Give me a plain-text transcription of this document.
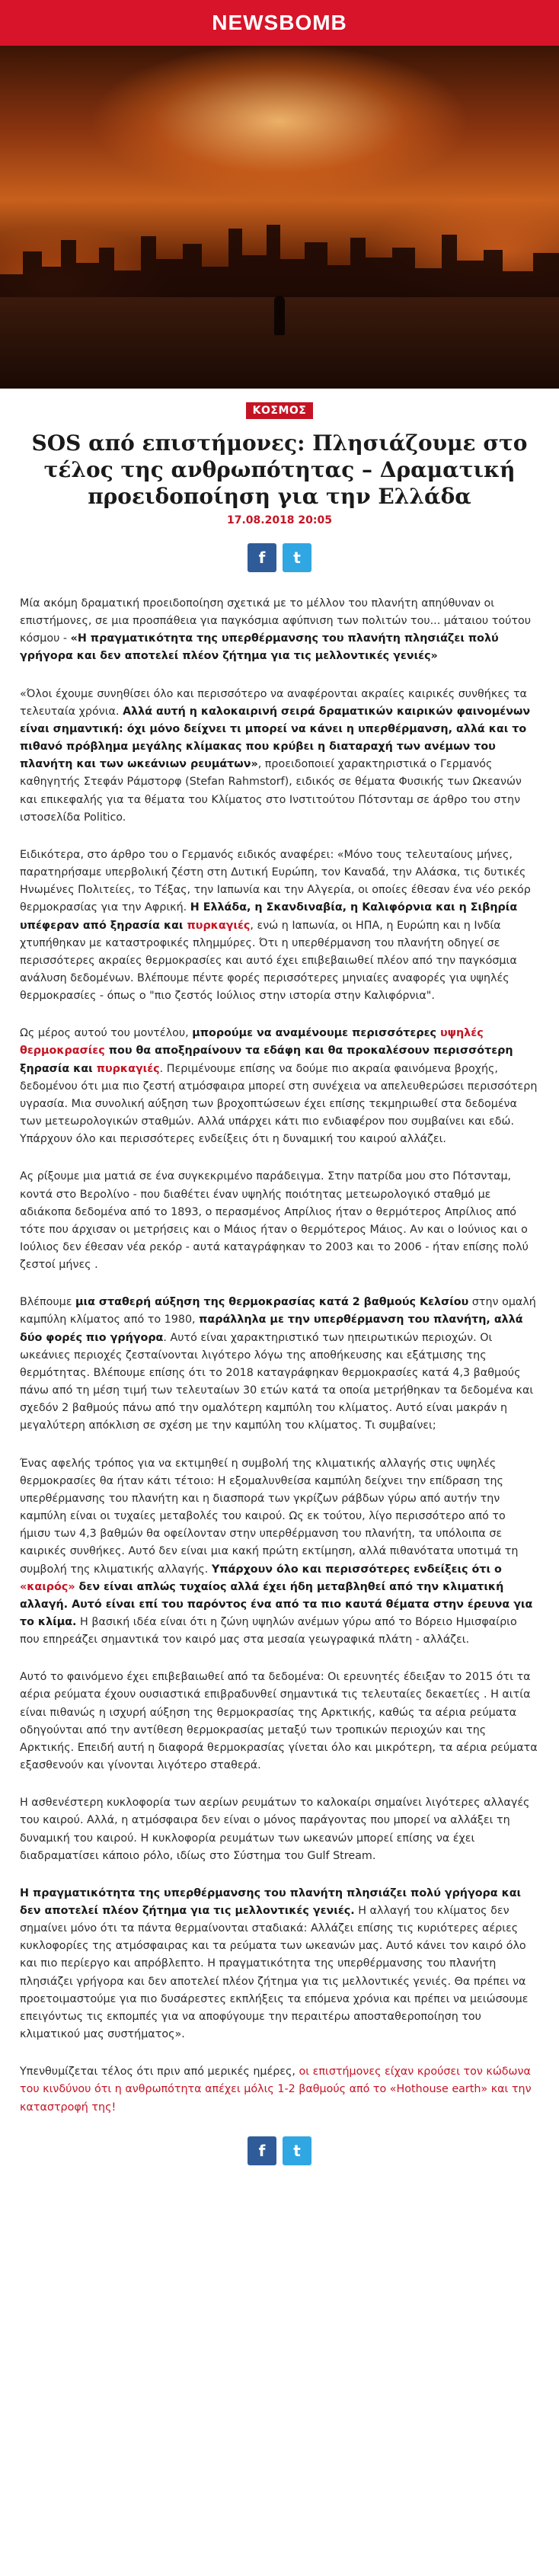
NEWSBOMB
ΚΟΣΜΟΣ
SOS από επιστήμονες: Πλησιάζουμε στο τέλος της ανθρωπότητας – Δραματική προειδοποίηση για την Ελλάδα
17.08.2018 20:05
f t

Μία ακόμη δραματική προειδοποίηση σχετικά με το μέλλον του πλανήτη απηύθυναν οι επιστήμονες, σε μια προσπάθεια για παγκόσμια αφύπνιση των πολιτών του... μάταιου τούτου κόσμου - «Η πραγματικότητα της υπερθέρμανσης του πλανήτη πλησιάζει πολύ γρήγορα και δεν αποτελεί πλέον ζήτημα για τις μελλοντικές γενιές»

«Όλοι έχουμε συνηθίσει όλο και περισσότερο να αναφέρονται ακραίες καιρικές συνθήκες τα τελευταία χρόνια. Αλλά αυτή η καλοκαιρινή σειρά δραματικών καιρικών φαινομένων είναι σημαντική: όχι μόνο δείχνει τι μπορεί να κάνει η υπερθέρμανση, αλλά και το πιθανό πρόβλημα μεγάλης κλίμακας που κρύβει η διαταραχή των ανέμων του πλανήτη και των ωκεάνιων ρευμάτων», προειδοποιεί χαρακτηριστικά ο Γερμανός καθηγητής Στεφάν Ράμστορφ (Stefan Rahmstorf), ειδικός σε θέματα Φυσικής των Ωκεανών και επικεφαλής για τα θέματα του Κλίματος στο Ινστιτούτου Πότσνταμ σε άρθρο του στην ιστοσελίδα Politico.

Ειδικότερα, στο άρθρο του ο Γερμανός ειδικός αναφέρει: «Μόνο τους τελευταίους μήνες, παρατηρήσαμε υπερβολική ζέστη στη Δυτική Ευρώπη, τον Καναδά, την Αλάσκα, τις δυτικές Ηνωμένες Πολιτείες, το Τέξας, την Ιαπωνία και την Αλγερία, οι οποίες έθεσαν ένα νέο ρεκόρ θερμοκρασίας για την Αφρική. Η Ελλάδα, η Σκανδιναβία, η Καλιφόρνια και η Σιβηρία υπέφεραν από ξηρασία και πυρκαγιές, ενώ η Ιαπωνία, οι ΗΠΑ, η Ευρώπη και η Ινδία χτυπήθηκαν με καταστροφικές πλημμύρες. Ότι η υπερθέρμανση του πλανήτη οδηγεί σε περισσότερες ακραίες θερμοκρασίες και αυτό έχει επιβεβαιωθεί πλέον από την παγκόσμια ανάλυση δεδομένων. Βλέπουμε πέντε φορές περισσότερες μηνιαίες αναφορές για υψηλές θερμοκρασίες - όπως ο "πιο ζεστός Ιούλιος στην ιστορία στην Καλιφόρνια".

Ως μέρος αυτού του μοντέλου, μπορούμε να αναμένουμε περισσότερες υψηλές θερμοκρασίες που θα αποξηραίνουν τα εδάφη και θα προκαλέσουν περισσότερη ξηρασία και πυρκαγιές. Περιμένουμε επίσης να δούμε πιο ακραία φαινόμενα βροχής, δεδομένου ότι μια πιο ζεστή ατμόσφαιρα μπορεί στη συνέχεια να απελευθερώσει περισσότερη υγρασία. Μια συνολική αύξηση των βροχοπτώσεων έχει επίσης τεκμηριωθεί στα δεδομένα των μετεωρολογικών σταθμών. Αλλά υπάρχει κάτι πιο ενδιαφέρον που συμβαίνει και εδώ. Υπάρχουν όλο και περισσότερες ενδείξεις ότι η δυναμική του καιρού αλλάζει.

Ας ρίξουμε μια ματιά σε ένα συγκεκριμένο παράδειγμα. Στην πατρίδα μου στο Πότσνταμ, κοντά στο Βερολίνο - που διαθέτει έναν υψηλής ποιότητας μετεωρολογικό σταθμό με αδιάκοπα δεδομένα από το 1893, ο περασμένος Απρίλιος ήταν ο θερμότερος Απρίλιος από τότε που άρχισαν οι μετρήσεις και ο Μάιος ήταν ο θερμότερος Μάιος. Αν και ο Ιούνιος και ο Ιούλιος δεν έθεσαν νέα ρεκόρ - αυτά καταγράφηκαν το 2003 και το 2006 - ήταν επίσης πολύ ζεστοί μήνες .

Βλέπουμε μια σταθερή αύξηση της θερμοκρασίας κατά 2 βαθμούς Κελσίου στην ομαλή καμπύλη κλίματος από το 1980, παράλληλα με την υπερθέρμανση του πλανήτη, αλλά δύο φορές πιο γρήγορα. Αυτό είναι χαρακτηριστικό των ηπειρωτικών περιοχών. Οι ωκεάνιες περιοχές ζεσταίνονται λιγότερο λόγω της αποθήκευσης και εξάτμισης της θερμότητας. Βλέπουμε επίσης ότι το 2018 καταγράφηκαν θερμοκρασίες κατά 4,3 βαθμούς πάνω από τη μέση τιμή των τελευταίων 30 ετών κατά τα οποία μετρήθηκαν τα δεδομένα και σχεδόν 2 βαθμούς πάνω από την ομαλότερη καμπύλη του κλίματος. Αυτό είναι μακράν η μεγαλύτερη απόκλιση σε σχέση με την καμπύλη του κλίματος. Τι συμβαίνει;

Ένας αφελής τρόπος για να εκτιμηθεί η συμβολή της κλιματικής αλλαγής στις υψηλές θερμοκρασίες θα ήταν κάτι τέτοιο: Η εξομαλυνθείσα καμπύλη δείχνει την επίδραση της υπερθέρμανσης του πλανήτη και η διασπορά των γκρίζων ράβδων γύρω από αυτήν την καμπύλη είναι οι τυχαίες μεταβολές του καιρού. Ως εκ τούτου, λίγο περισσότερο από το ήμισυ των 4,3 βαθμών θα οφείλονταν στην υπερθέρμανση του πλανήτη, τα υπόλοιπα σε καιρικές συνθήκες. Αυτό δεν είναι μια κακή πρώτη εκτίμηση, αλλά πιθανότατα υποτιμά τη συμβολή της κλιματικής αλλαγής. Υπάρχουν όλο και περισσότερες ενδείξεις ότι ο «καιρός» δεν είναι απλώς τυχαίος αλλά έχει ήδη μεταβληθεί από την κλιματική αλλαγή. Αυτό είναι επί του παρόντος ένα από τα πιο καυτά θέματα στην έρευνα για το κλίμα. Η βασική ιδέα είναι ότι η ζώνη υψηλών ανέμων γύρω από το Βόρειο Ημισφαίριο που επηρεάζει σημαντικά τον καιρό μας στα μεσαία γεωγραφικά πλάτη - αλλάζει.

Αυτό το φαινόμενο έχει επιβεβαιωθεί από τα δεδομένα: Οι ερευνητές έδειξαν το 2015 ότι τα αέρια ρεύματα έχουν ουσιαστικά επιβραδυνθεί σημαντικά τις τελευταίες δεκαετίες . Η αιτία είναι πιθανώς η ισχυρή αύξηση της θερμοκρασίας της Αρκτικής, καθώς τα αέρια ρεύματα οδηγούνται από την αντίθεση θερμοκρασίας μεταξύ των τροπικών περιοχών και της Αρκτικής. Επειδή αυτή η διαφορά θερμοκρασίας γίνεται όλο και μικρότερη, τα αέρια ρεύματα εξασθενούν και γίνονται λιγότερο σταθερά.

Η ασθενέστερη κυκλοφορία των αερίων ρευμάτων το καλοκαίρι σημαίνει λιγότερες αλλαγές του καιρού. Αλλά, η ατμόσφαιρα δεν είναι ο μόνος παράγοντας που μπορεί να αλλάξει τη δυναμική του καιρού. Η κυκλοφορία ρευμάτων των ωκεανών μπορεί επίσης να έχει διαδραματίσει κάποιο ρόλο, ιδίως στο Σύστημα του Gulf Stream.

Η πραγματικότητα της υπερθέρμανσης του πλανήτη πλησιάζει πολύ γρήγορα και δεν αποτελεί πλέον ζήτημα για τις μελλοντικές γενιές. Η αλλαγή του κλίματος δεν σημαίνει μόνο ότι τα πάντα θερμαίνονται σταδιακά: Αλλάζει επίσης τις κυριότερες αέριες κυκλοφορίες της ατμόσφαιρας και τα ρεύματα των ωκεανών μας. Αυτό κάνει τον καιρό όλο και πιο περίεργο και απρόβλεπτο. Η πραγματικότητα της υπερθέρμανσης του πλανήτη πλησιάζει γρήγορα και δεν αποτελεί πλέον ζήτημα για τις μελλοντικές γενιές. Θα πρέπει να προετοιμαστούμε για πιο δυσάρεστες εκπλήξεις τα επόμενα χρόνια και πρέπει να μειώσουμε επειγόντως τις εκπομπές για να αποφύγουμε την περαιτέρω αποσταθεροποίηση του κλιματικού μας συστήματος».

Υπενθυμίζεται τέλος ότι πριν από μερικές ημέρες, οι επιστήμονες είχαν κρούσει τον κώδωνα του κινδύνου ότι η ανθρωπότητα απέχει μόλις 1-2 βαθμούς από το «Hothouse earth» και την καταστροφή της!

f t
